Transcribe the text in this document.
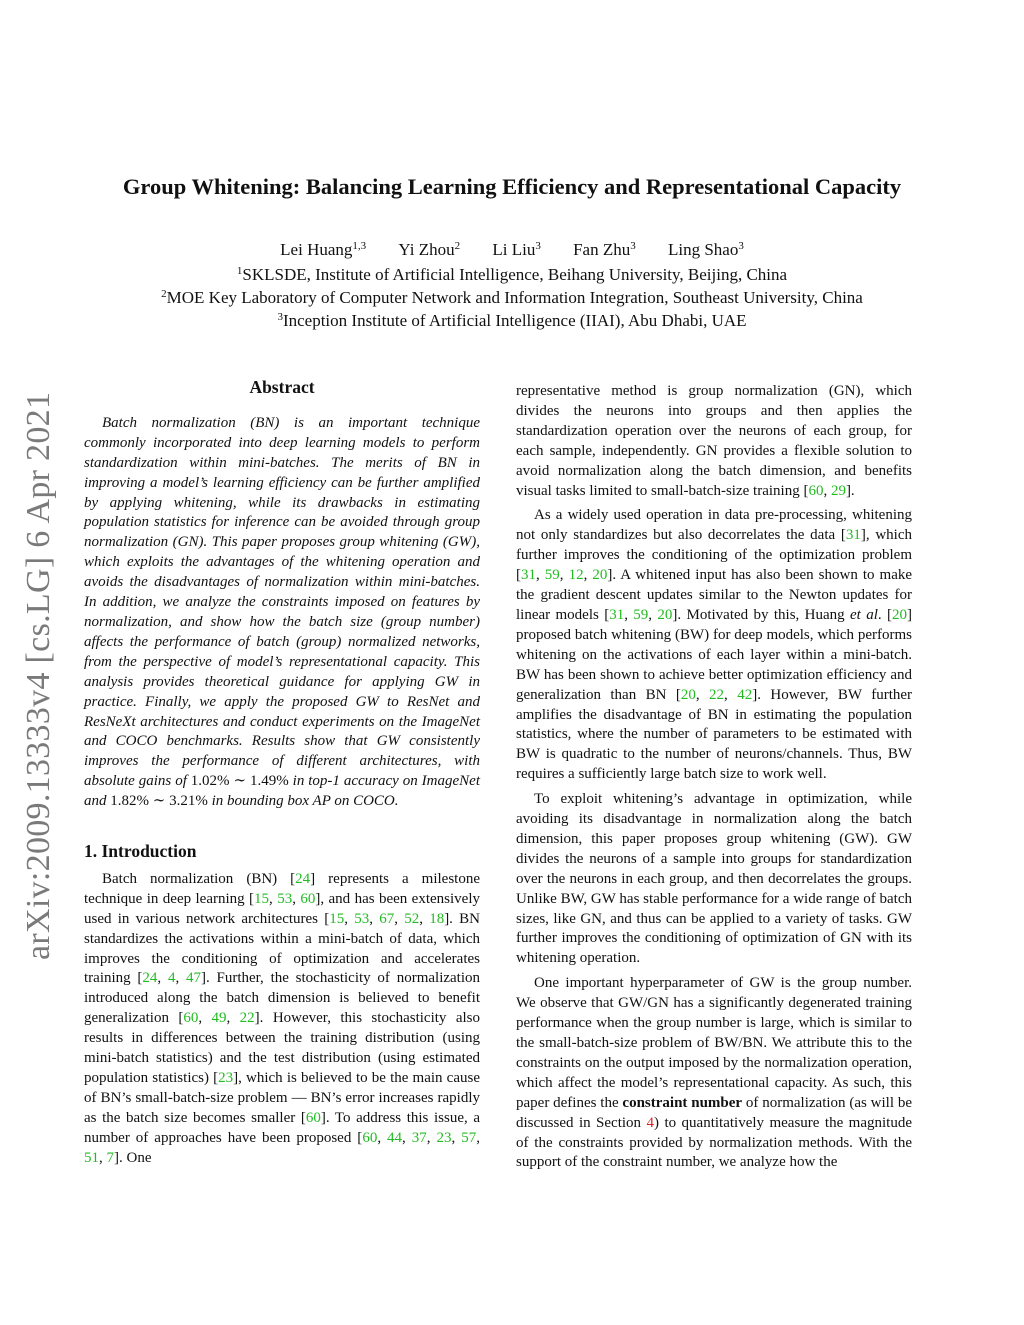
arXiv:2009.13333v4 [cs.LG] 6 Apr 2021
Group Whitening: Balancing Learning Efficiency and Representational Capacity
Lei Huang$^{1,3}$ Yi Zhou$^2$ Li Liu$^3$ Fan Zhu$^3$ Ling Shao$^3$
$^1$SKLSDE, Institute of Artificial Intelligence, Beihang University, Beijing, China
$^2$MOE Key Laboratory of Computer Network and Information Integration, Southeast University, China
$^3$Inception Institute of Artificial Intelligence (IIAI), Abu Dhabi, UAE
Abstract

Batch normalization (BN) is an important technique commonly incorporated into deep learning models to perform standardization within mini-batches. The merits of BN in improving a model’s learning efficiency can be further amplified by applying whitening, while its drawbacks in estimating population statistics for inference can be avoided through group normalization (GN). This paper proposes group whitening (GW), which exploits the advantages of the whitening operation and avoids the disadvantages of normalization within mini-batches. In addition, we analyze the constraints imposed on features by normalization, and show how the batch size (group number) affects the performance of batch (group) normalized networks, from the perspective of model’s representational capacity. This analysis provides theoretical guidance for applying GW in practice. Finally, we apply the proposed GW to ResNet and ResNeXt architectures and conduct experiments on the ImageNet and COCO benchmarks. Results show that GW consistently improves the performance of different architectures, with absolute gains of 1.02% ∼ 1.49% in top-1 accuracy on ImageNet and 1.82% ∼ 3.21% in bounding box AP on COCO.

1. Introduction

Batch normalization (BN) [24] represents a milestone technique in deep learning [15, 53, 60], and has been extensively used in various network architectures [15, 53, 67, 52, 18]. BN standardizes the activations within a mini-batch of data, which improves the conditioning of optimization and accelerates training [24, 4, 47]. Further, the stochasticity of normalization introduced along the batch dimension is believed to benefit generalization [60, 49, 22]. However, this stochasticity also results in differences between the training distribution (using mini-batch statistics) and the test distribution (using estimated population statistics) [23], which is believed to be the main cause of BN’s small-batch-size problem — BN’s error increases rapidly as the batch size becomes smaller [60]. To address this issue, a number of approaches have been proposed [60, 44, 37, 23, 57, 51, 7]. One

representative method is group normalization (GN), which divides the neurons into groups and then applies the standardization operation over the neurons of each group, for each sample, independently. GN provides a flexible solution to avoid normalization along the batch dimension, and benefits visual tasks limited to small-batch-size training [60, 29].

As a widely used operation in data pre-processing, whitening not only standardizes but also decorrelates the data [31], which further improves the conditioning of the optimization problem [31, 59, 12, 20]. A whitened input has also been shown to make the gradient descent updates similar to the Newton updates for linear models [31, 59, 20]. Motivated by this, Huang et al. [20] proposed batch whitening (BW) for deep models, which performs whitening on the activations of each layer within a mini-batch. BW has been shown to achieve better optimization efficiency and generalization than BN [20, 22, 42]. However, BW further amplifies the disadvantage of BN in estimating the population statistics, where the number of parameters to be estimated with BW is quadratic to the number of neurons/channels. Thus, BW requires a sufficiently large batch size to work well.

To exploit whitening’s advantage in optimization, while avoiding its disadvantage in normalization along the batch dimension, this paper proposes group whitening (GW). GW divides the neurons of a sample into groups for standardization over the neurons in each group, and then decorrelates the groups. Unlike BW, GW has stable performance for a wide range of batch sizes, like GN, and thus can be applied to a variety of tasks. GW further improves the conditioning of optimization of GN with its whitening operation.

One important hyperparameter of GW is the group number. We observe that GW/GN has a significantly degenerated training performance when the group number is large, which is similar to the small-batch-size problem of BW/BN. We attribute this to the constraints on the output imposed by the normalization operation, which affect the model’s representational capacity. As such, this paper defines the constraint number of normalization (as will be discussed in Section 4) to quantitatively measure the magnitude of the constraints provided by normalization methods. With the support of the constraint number, we analyze how the
